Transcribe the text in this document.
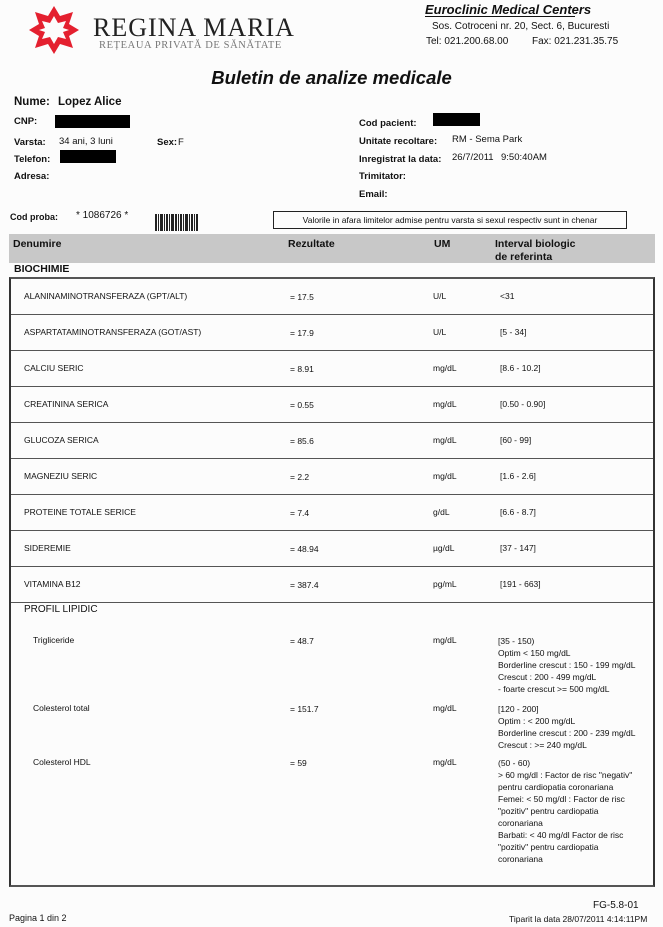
REGINA MARIA
REȚEAUA PRIVATĂ DE SĂNĂTATE
Euroclinic Medical Centers
Sos. Cotroceni nr. 20, Sect. 6, Bucuresti
Tel: 021.200.68.00 Fax: 021.231.35.75
Buletin de analize medicale
Nume: Lopez Alice
CNP:
Varsta: 34 ani, 3 luni	Sex: F
Telefon:
Adresa:
Cod pacient:
Unitate recoltare: RM - Sema Park
Inregistrat la data: 26/7/2011 9:50:40AM
Trimitator:
Email:
Cod proba: * 1086726 *	Valorile in afara limitelor admise pentru varsta si sexul respectiv sunt in chenar
Denumire	Rezultate	UM	Interval biologic
de referinta
BIOCHIMIE
ALANINAMINOTRANSFERAZA (GPT/ALT)	= 17.5	U/L	<31
ASPARTATAMINOTRANSFERAZA (GOT/AST)	= 17.9	U/L	[5 - 34]
CALCIU SERIC	= 8.91	mg/dL	[8.6 - 10.2]
CREATININA SERICA	= 0.55	mg/dL	[0.50 - 0.90]
GLUCOZA SERICA	= 85.6	mg/dL	[60 - 99]
MAGNEZIU SERIC	= 2.2	mg/dL	[1.6 - 2.6]
PROTEINE TOTALE SERICE	= 7.4	g/dL	[6.6 - 8.7]
SIDEREMIE	= 48.94	µg/dL	[37 - 147]
VITAMINA B12	= 387.4	pg/mL	[191 - 663]
PROFIL LIPIDIC
Trigliceride	= 48.7	mg/dL	[35 - 150)
Optim < 150 mg/dL
Borderline crescut : 150 - 199 mg/dL
Crescut : 200 - 499 mg/dL
- foarte crescut >= 500 mg/dL
Colesterol total	= 151.7	mg/dL	[120 - 200]
Optim : < 200 mg/dL
Borderline crescut : 200 - 239 mg/dL
Crescut : >= 240 mg/dL
Colesterol HDL	= 59	mg/dL	(50 - 60)
> 60 mg/dl : Factor de risc "negativ"
pentru cardiopatia coronariana
Femei: < 50 mg/dl : Factor de risc
"pozitiv" pentru cardiopatia
coronariana
Barbati: < 40 mg/dl Factor de risc
"pozitiv" pentru cardiopatia
coronariana
Pagina 1 din 2
FG-5.8-01
Tiparit la data 28/07/2011 4:14:11PM
